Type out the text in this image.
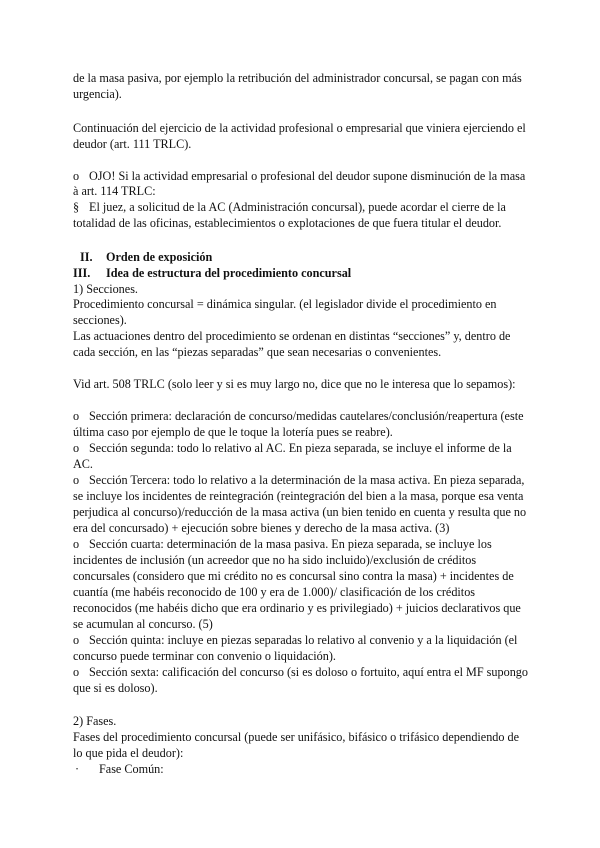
de la masa pasiva, por ejemplo la retribución del administrador concursal, se pagan con más

urgencia).

Continuación del ejercicio de la actividad profesional o empresarial que viniera ejerciendo el

deudor (art. 111 TRLC).

o OJO! Si la actividad empresarial o profesional del deudor supone disminución de la masa

à art. 114 TRLC:

§ El juez, a solicitud de la AC (Administración concursal), puede acordar el cierre de la

totalidad de las oficinas, establecimientos o explotaciones de que fuera titular el deudor.

II. Orden de exposición

III. Idea de estructura del procedimiento concursal

1) Secciones.

Procedimiento concursal = dinámica singular. (el legislador divide el procedimiento en

secciones).

Las actuaciones dentro del procedimiento se ordenan en distintas “secciones” y, dentro de

cada sección, en las “piezas separadas” que sean necesarias o convenientes.

Vid art. 508 TRLC (solo leer y si es muy largo no, dice que no le interesa que lo sepamos):

o Sección primera: declaración de concurso/medidas cautelares/conclusión/reapertura (este

última caso por ejemplo de que le toque la lotería pues se reabre).

o Sección segunda: todo lo relativo al AC. En pieza separada, se incluye el informe de la

AC.

o Sección Tercera: todo lo relativo a la determinación de la masa activa. En pieza separada,

se incluye los incidentes de reintegración (reintegración del bien a la masa, porque esa venta

perjudica al concurso)/reducción de la masa activa (un bien tenido en cuenta y resulta que no

era del concursado) + ejecución sobre bienes y derecho de la masa activa. (3)

o Sección cuarta: determinación de la masa pasiva. En pieza separada, se incluye los

incidentes de inclusión (un acreedor que no ha sido incluido)/exclusión de créditos

concursales (considero que mi crédito no es concursal sino contra la masa) + incidentes de

cuantía (me habéis reconocido de 100 y era de 1.000)/ clasificación de los créditos

reconocidos (me habéis dicho que era ordinario y es privilegiado) + juicios declarativos que

se acumulan al concurso. (5)

o Sección quinta: incluye en piezas separadas lo relativo al convenio y a la liquidación (el

concurso puede terminar con convenio o liquidación).

o Sección sexta: calificación del concurso (si es doloso o fortuito, aquí entra el MF supongo

que si es doloso).

2) Fases.

Fases del procedimiento concursal (puede ser unifásico, bifásico o trifásico dependiendo de

lo que pida el deudor):

· Fase Común:
